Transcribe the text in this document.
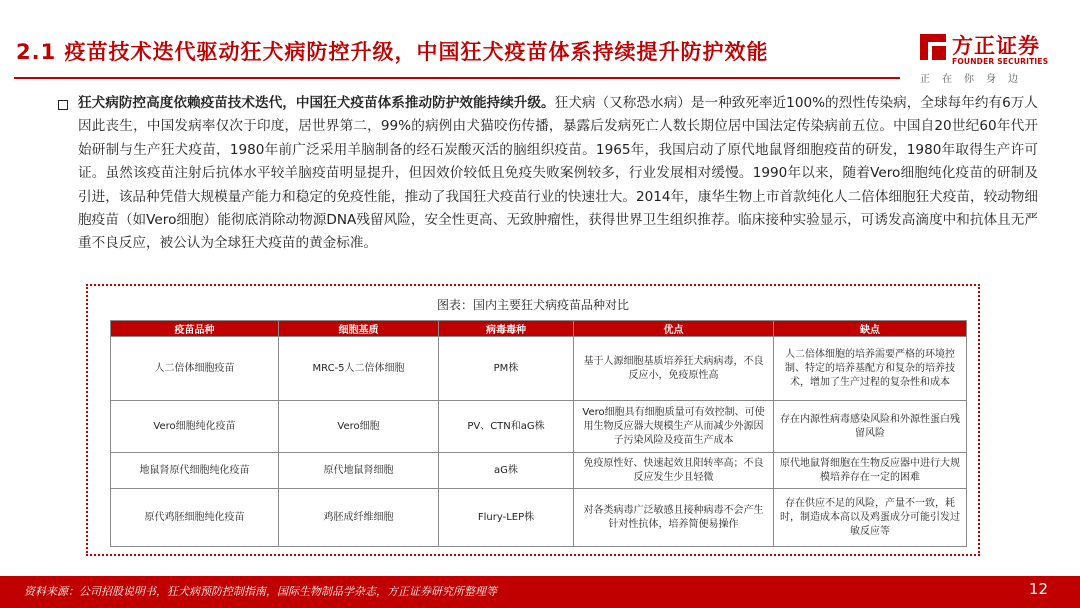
2.1 疫苗技术迭代驱动狂犬病防控升级，中国狂犬疫苗体系持续提升防护效能	方正证券
FOUNDER SECURITIES
正在你身边
狂犬病防控高度依赖疫苗技术迭代，中国狂犬疫苗体系推动防护效能持续升级。狂犬病（又称恐水病）是一种致死率近100%的烈性传染病，全球每年约有6万人因此丧生，中国发病率仅次于印度，居世界第二，99%的病例由犬猫咬伤传播，暴露后发病死亡人数长期位居中国法定传染病前五位。中国自20世纪60年代开始研制与生产狂犬疫苗，1980年前广泛采用羊脑制备的经石炭酸灭活的脑组织疫苗。1965年，我国启动了原代地鼠肾细胞疫苗的研发，1980年取得生产许可证。虽然该疫苗注射后抗体水平较羊脑疫苗明显提升，但因效价较低且免疫失败案例较多，行业发展相对缓慢。1990年以来，随着Vero细胞纯化疫苗的研制及引进，该品种凭借大规模量产能力和稳定的免疫性能，推动了我国狂犬疫苗行业的快速壮大。2014年，康华生物上市首款纯化人二倍体细胞狂犬疫苗，较动物细胞疫苗（如Vero细胞）能彻底消除动物源DNA残留风险，安全性更高、无致肿瘤性，获得世界卫生组织推荐。临床接种实验显示，可诱发高滴度中和抗体且无严重不良反应，被公认为全球狂犬疫苗的黄金标准。
图表：国内主要狂犬病疫苗品种对比
疫苗品种	细胞基质	病毒毒种	优点	缺点
人二倍体细胞疫苗	MRC-5人二倍体细胞	PM株	基于人源细胞基质培养狂犬病病毒，不良反应小，免疫原性高	人二倍体细胞的培养需要严格的环境控制、特定的培养基配方和复杂的培养技术，增加了生产过程的复杂性和成本
Vero细胞纯化疫苗	Vero细胞	PV、CTN和aG株	Vero细胞具有细胞质量可有效控制、可使用生物反应器大规模生产从而减少外源因子污染风险及疫苗生产成本	存在内源性病毒感染风险和外源性蛋白残留风险
地鼠肾原代细胞纯化疫苗	原代地鼠肾细胞	aG株	免疫原性好、快速起效且阳转率高；不良反应发生少且轻微	原代地鼠肾细胞在生物反应器中进行大规模培养存在一定的困难
原代鸡胚细胞纯化疫苗	鸡胚成纤维细胞	Flury-LEP株	对各类病毒广泛敏感且接种病毒不会产生针对性抗体，培养简便易操作	存在供应不足的风险，产量不一致，耗时，制造成本高以及鸡蛋成分可能引发过敏反应等
资料来源：公司招股说明书，狂犬病预防控制指南，国际生物制品学杂志，方正证券研究所整理等	12
